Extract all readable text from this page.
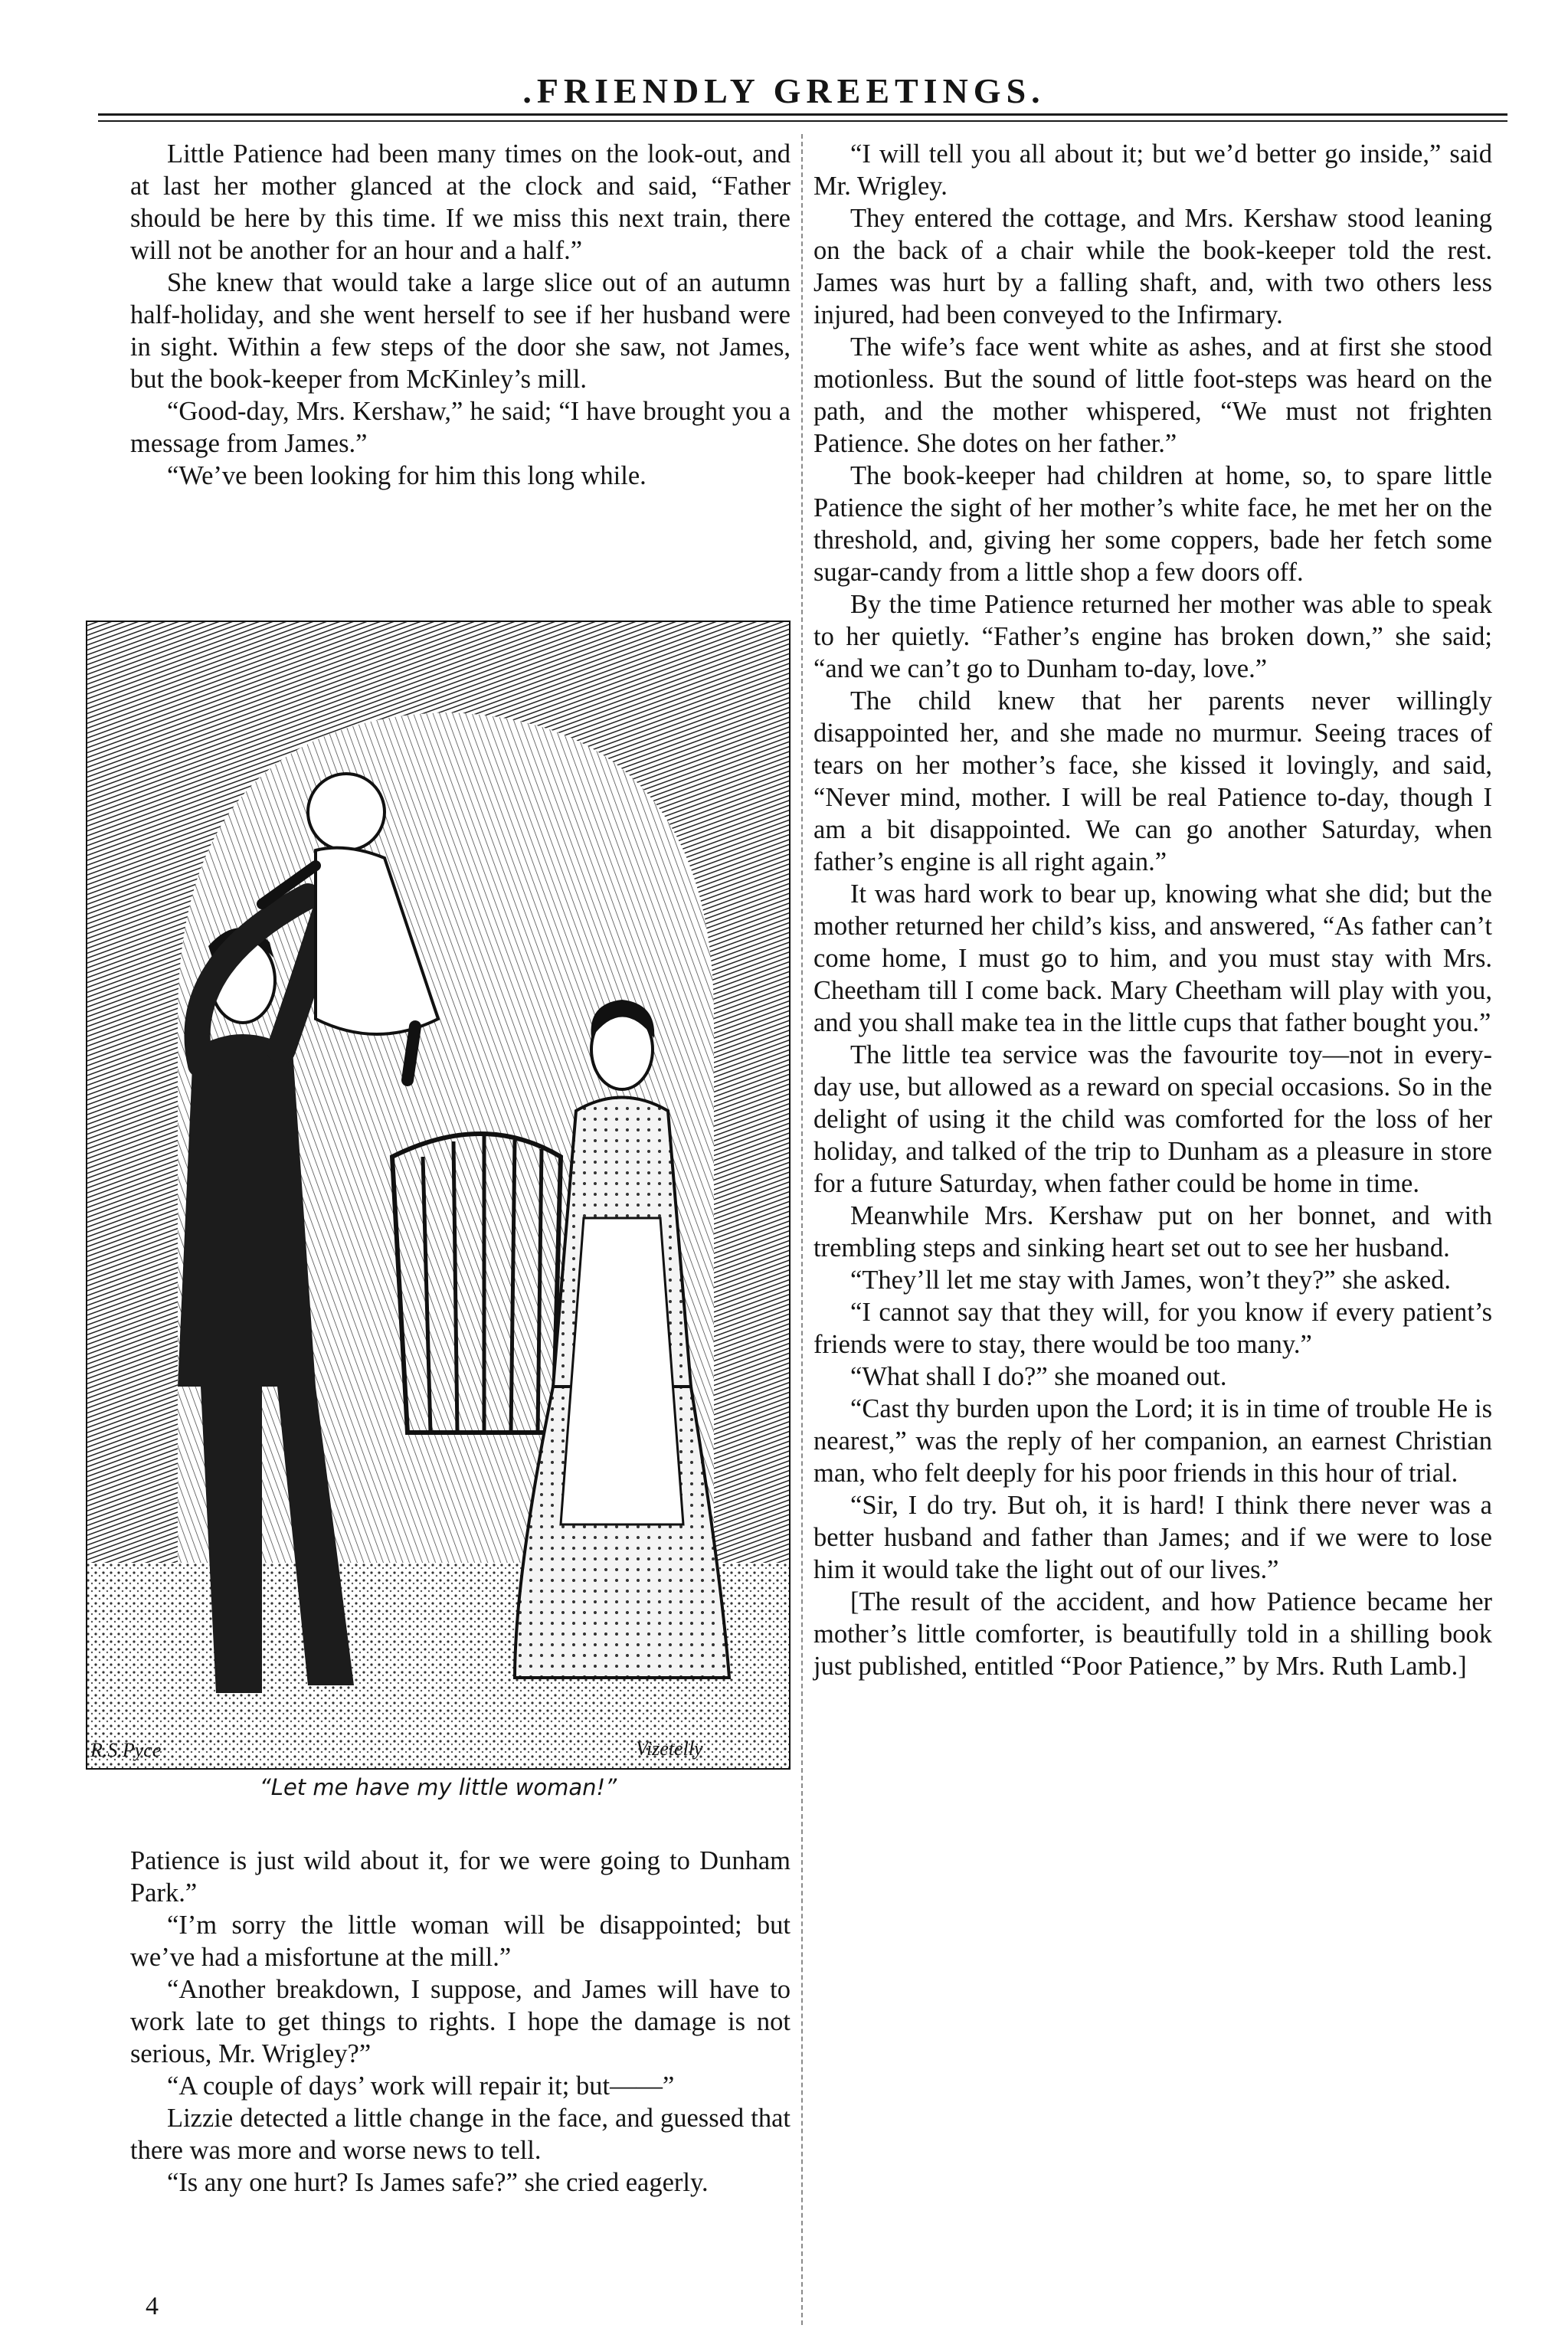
.FRIENDLY GREETINGS.

Little Patience had been many times on the look-out, and at last her mother glanced at the clock and said, “Father should be here by this time. If we miss this next train, there will not be another for an hour and a half.”

She knew that would take a large slice out of an autumn half-holiday, and she went herself to see if her husband were in sight. Within a few steps of the door she saw, not James, but the book-keeper from McKinley’s mill.

“Good-day, Mrs. Kershaw,” he said; “I have brought you a message from James.”

“We’ve been looking for him this long while.

R.S.Pyce	Vizetelly
“Let me have my little woman!”

Patience is just wild about it, for we were going to Dunham Park.”

“I’m sorry the little woman will be disappointed; but we’ve had a misfortune at the mill.”

“Another breakdown, I suppose, and James will have to work late to get things to rights. I hope the damage is not serious, Mr. Wrigley?”

“A couple of days’ work will repair it; but——”

Lizzie detected a little change in the face, and guessed that there was more and worse news to tell.

“Is any one hurt? Is James safe?” she cried eagerly.

“I will tell you all about it; but we’d better go inside,” said Mr. Wrigley.

They entered the cottage, and Mrs. Kershaw stood leaning on the back of a chair while the book-keeper told the rest. James was hurt by a falling shaft, and, with two others less injured, had been conveyed to the Infirmary.

The wife’s face went white as ashes, and at first she stood motionless. But the sound of little foot-steps was heard on the path, and the mother whispered, “We must not frighten Patience. She dotes on her father.”

The book-keeper had children at home, so, to spare little Patience the sight of her mother’s white face, he met her on the threshold, and, giving her some coppers, bade her fetch some sugar-candy from a little shop a few doors off.

By the time Patience returned her mother was able to speak to her quietly. “Father’s engine has broken down,” she said; “and we can’t go to Dunham to-day, love.”

The child knew that her parents never willingly disappointed her, and she made no murmur. Seeing traces of tears on her mother’s face, she kissed it lovingly, and said, “Never mind, mother. I will be real Patience to-day, though I am a bit disappointed. We can go another Saturday, when father’s engine is all right again.”

It was hard work to bear up, knowing what she did; but the mother returned her child’s kiss, and answered, “As father can’t come home, I must go to him, and you must stay with Mrs. Cheetham till I come back. Mary Cheetham will play with you, and you shall make tea in the little cups that father bought you.”

The little tea service was the favourite toy—not in every-day use, but allowed as a reward on special occasions. So in the delight of using it the child was comforted for the loss of her holiday, and talked of the trip to Dunham as a pleasure in store for a future Saturday, when father could be home in time.

Meanwhile Mrs. Kershaw put on her bonnet, and with trembling steps and sinking heart set out to see her husband.

“They’ll let me stay with James, won’t they?” she asked.

“I cannot say that they will, for you know if every patient’s friends were to stay, there would be too many.”

“What shall I do?” she moaned out.

“Cast thy burden upon the Lord; it is in time of trouble He is nearest,” was the reply of her companion, an earnest Christian man, who felt deeply for his poor friends in this hour of trial.

“Sir, I do try. But oh, it is hard! I think there never was a better husband and father than James; and if we were to lose him it would take the light out of our lives.”

[The result of the accident, and how Patience became her mother’s little comforter, is beautifully told in a shilling book just published, entitled “Poor Patience,” by Mrs. Ruth Lamb.]

4
